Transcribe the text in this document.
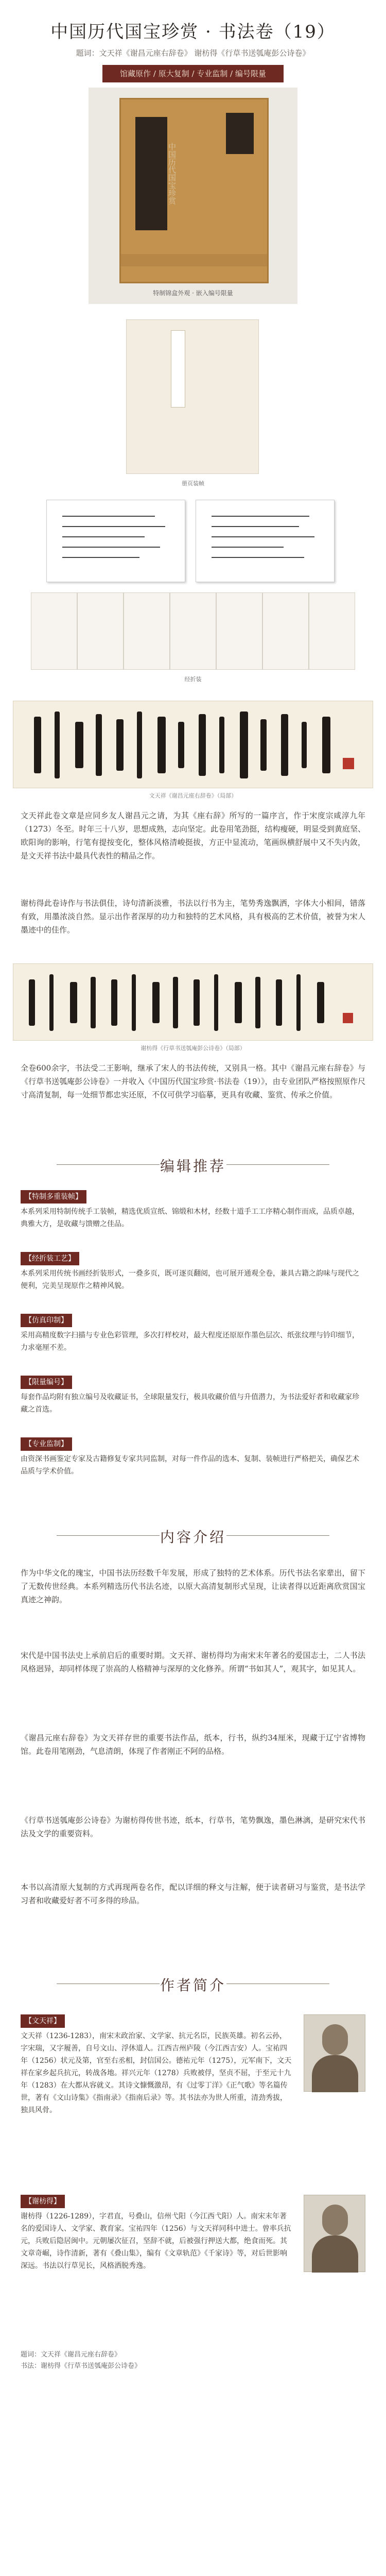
中国历代国宝珍赏 · 书法卷（19）
题词：文天祥《谢昌元座右辞卷》 谢枋得《行草书送瓠庵彭公诗卷》
馆藏原作 / 原大复制 / 专业监制 / 编号限量
中国历代国宝珍赏
特制锦盒外观 · 嵌入编号限量
册页装帧
经折装
文天祥《谢昌元座右辞卷》（局部）
文天祥此卷文章是应同乡友人谢昌元之请，为其《座右辞》所写的一篇序言，作于宋度宗咸淳九年（1273）冬至。时年三十八岁，思想成熟，志向坚定。此卷用笔劲挺，结构瘦硬，明显受到黄庭坚、欧阳询的影响，行笔有提按变化，整体风格清峻挺拔，方正中显流动，笔画纵横舒展中又不失内敛，是文天祥书法中最具代表性的精品之作。
谢枋得此卷诗作与书法俱佳，诗句清新淡雅，书法以行书为主，笔势秀逸飘洒，字体大小相间，错落有致，用墨浓淡自然。显示出作者深厚的功力和独特的艺术风格，具有极高的艺术价值，被誉为宋人墨迹中的佳作。
谢枋得《行草书送瓠庵彭公诗卷》（局部）
全卷600余字，书法受二王影响，继承了宋人的书法传统，又别具一格。其中《谢昌元座右辞卷》与《行草书送瓠庵彭公诗卷》一并收入《中国历代国宝珍赏·书法卷（19）》，由专业团队严格按照原作尺寸高清复制，每一处细节都忠实还原，不仅可供学习临摹，更具有收藏、鉴赏、传承之价值。
编辑推荐
【特制多重装帧】
本系列采用特制传统手工装帧，精选优质宣纸、锦缎和木材，经数十道手工工序精心制作而成，品质卓越，典雅大方，是收藏与馈赠之佳品。
【经折装工艺】
本系列采用传统书画经折装形式，一叠多页，既可逐页翻阅，也可展开通观全卷，兼具古籍之韵味与现代之便利，完美呈现原作之精神风貌。
【仿真印制】
采用高精度数字扫描与专业色彩管理，多次打样校对，最大程度还原原作墨色层次、纸张纹理与钤印细节，力求毫厘不差。
【限量编号】
每套作品均附有独立编号及收藏证书，全球限量发行，极具收藏价值与升值潜力，为书法爱好者和收藏家珍藏之首选。
【专业监制】
由资深书画鉴定专家及古籍修复专家共同监制，对每一件作品的选本、复制、装帧进行严格把关，确保艺术品质与学术价值。
内容介绍
作为中华文化的瑰宝，中国书法历经数千年发展，形成了独特的艺术体系。历代书法名家辈出，留下了无数传世经典。本系列精选历代书法名迹，以原大高清复制形式呈现，让读者得以近距离欣赏国宝真迹之神韵。
宋代是中国书法史上承前启后的重要时期。文天祥、谢枋得均为南宋末年著名的爱国志士，二人书法风格迥异，却同样体现了崇高的人格精神与深厚的文化修养。所谓“书如其人”，观其字，如见其人。
《谢昌元座右辞卷》为文天祥存世的重要书法作品，纸本，行书，纵约34厘米，现藏于辽宁省博物馆。此卷用笔刚劲，气息清朗，体现了作者刚正不阿的品格。
《行草书送瓠庵彭公诗卷》为谢枋得传世书迹，纸本，行草书，笔势飘逸，墨色淋漓，是研究宋代书法及文学的重要资料。
本书以高清原大复制的方式再现两卷名作，配以详细的释文与注解，便于读者研习与鉴赏，是书法学习者和收藏爱好者不可多得的珍品。
作者简介
【文天祥】
文天祥（1236-1283），南宋末政治家、文学家、抗元名臣，民族英雄。初名云孙，字宋瑞，又字履善，自号文山、浮休道人。江西吉州庐陵（今江西吉安）人。宝祐四年（1256）状元及第，官至右丞相，封信国公。德祐元年（1275），元军南下，文天祥在家乡起兵抗元，转战各地。祥兴元年（1278）兵败被俘，坚贞不屈，于至元十九年（1283）在大都从容就义。其诗文慷慨激昂，有《过零丁洋》《正气歌》等名篇传世，著有《文山诗集》《指南录》《指南后录》等。其书法亦为世人所重，清劲秀拔，独具风骨。
【谢枋得】
谢枋得（1226-1289），字君直，号叠山，信州弋阳（今江西弋阳）人。南宋末年著名的爱国诗人、文学家、教育家。宝祐四年（1256）与文天祥同科中进士。曾率兵抗元，兵败后隐居闽中。元朝屡次征召，坚辞不就，后被强行押送大都，绝食而死。其文章奇崛，诗作清新，著有《叠山集》，编有《文章轨范》《千家诗》等，对后世影响深远。书法以行草见长，风格洒脱秀逸。
题词：文天祥《谢昌元座右辞卷》
书法：谢枋得《行草书送瓠庵彭公诗卷》
